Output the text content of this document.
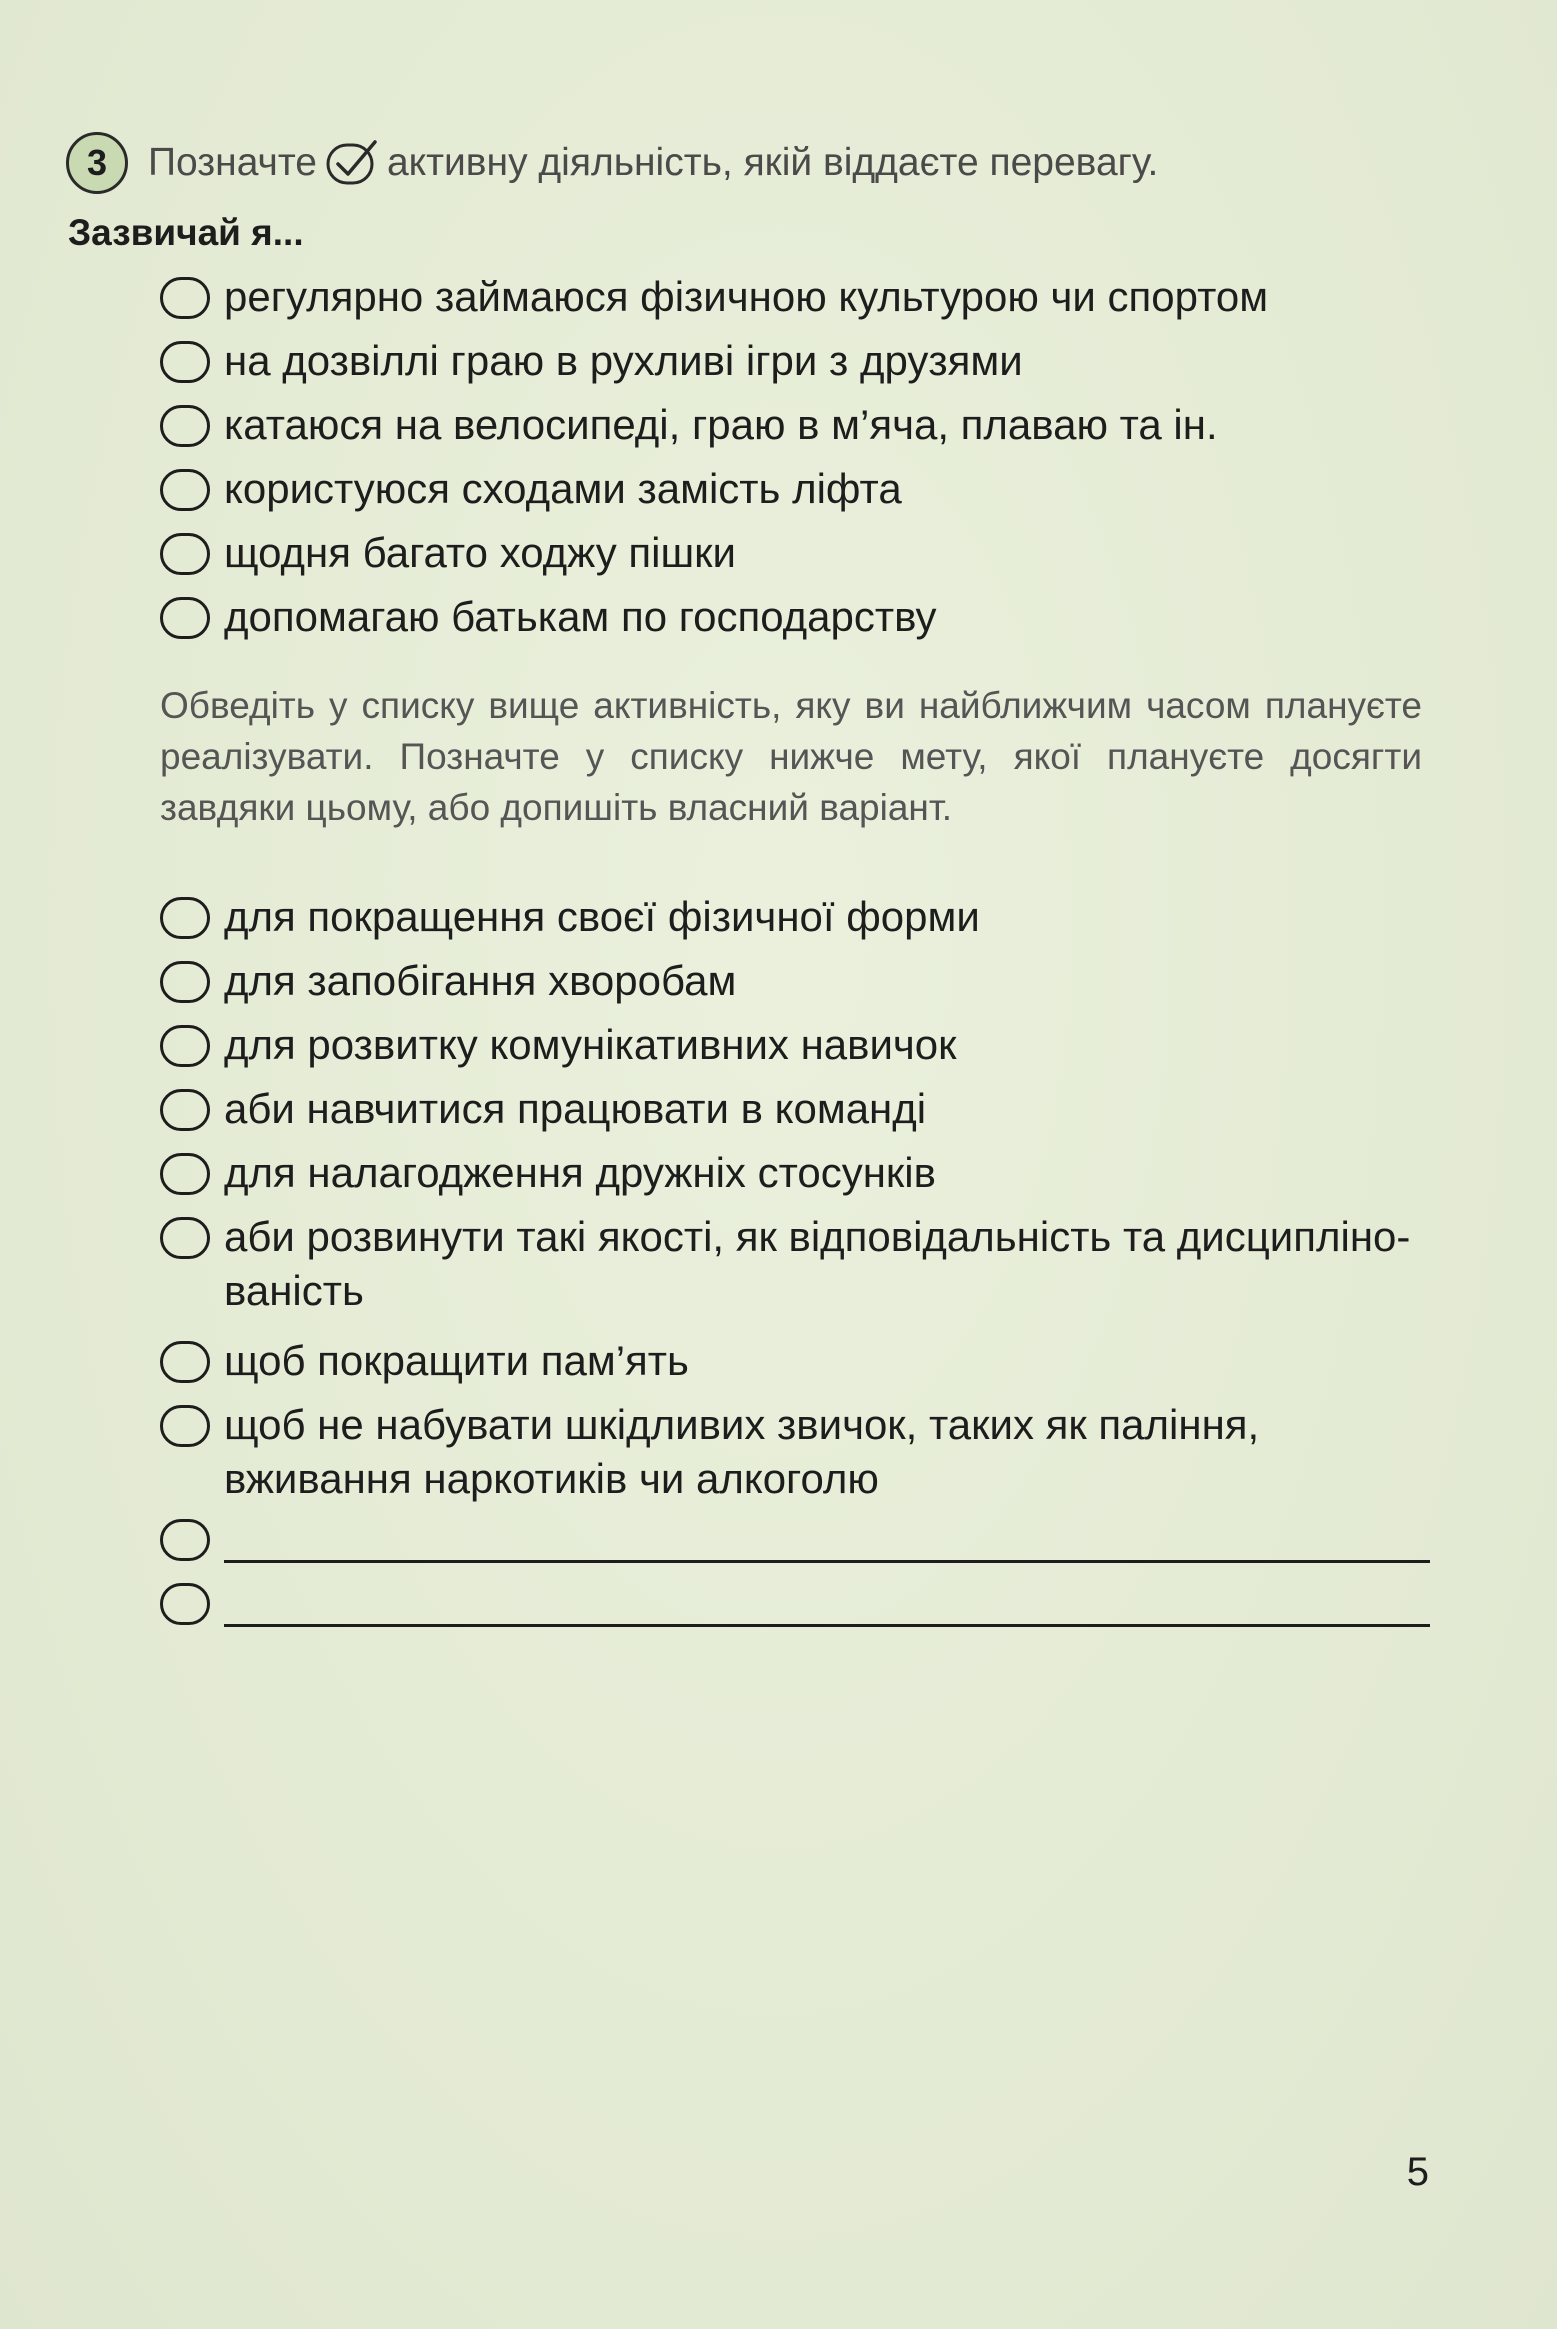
3	Позначте активну діяльність, якій віддаєте перевагу.
Зазвичай я...
регулярно займаюся фізичною культурою чи спортом
на дозвіллі граю в рухливі ігри з друзями
катаюся на велосипеді, граю в м’яча, плаваю та ін.
користуюся сходами замість ліфта
щодня багато ходжу пішки
допомагаю батькам по господарству
Обведіть у списку вище активність, яку ви найближчим часом плануєте реалізувати. Позначте у списку нижче мету, якої плануєте досягти завдяки цьому, або допишіть власний варіант.
для покращення своєї фізичної форми
для запобігання хворобам
для розвитку комунікативних навичок
аби навчитися працювати в команді
для налагодження дружніх стосунків
аби розвинути такі якості, як відповідальність та дисциплінованість
щоб покращити пам’ять
щоб не набувати шкідливих звичок, таких як паління, вживання наркотиків чи алкоголю
5
